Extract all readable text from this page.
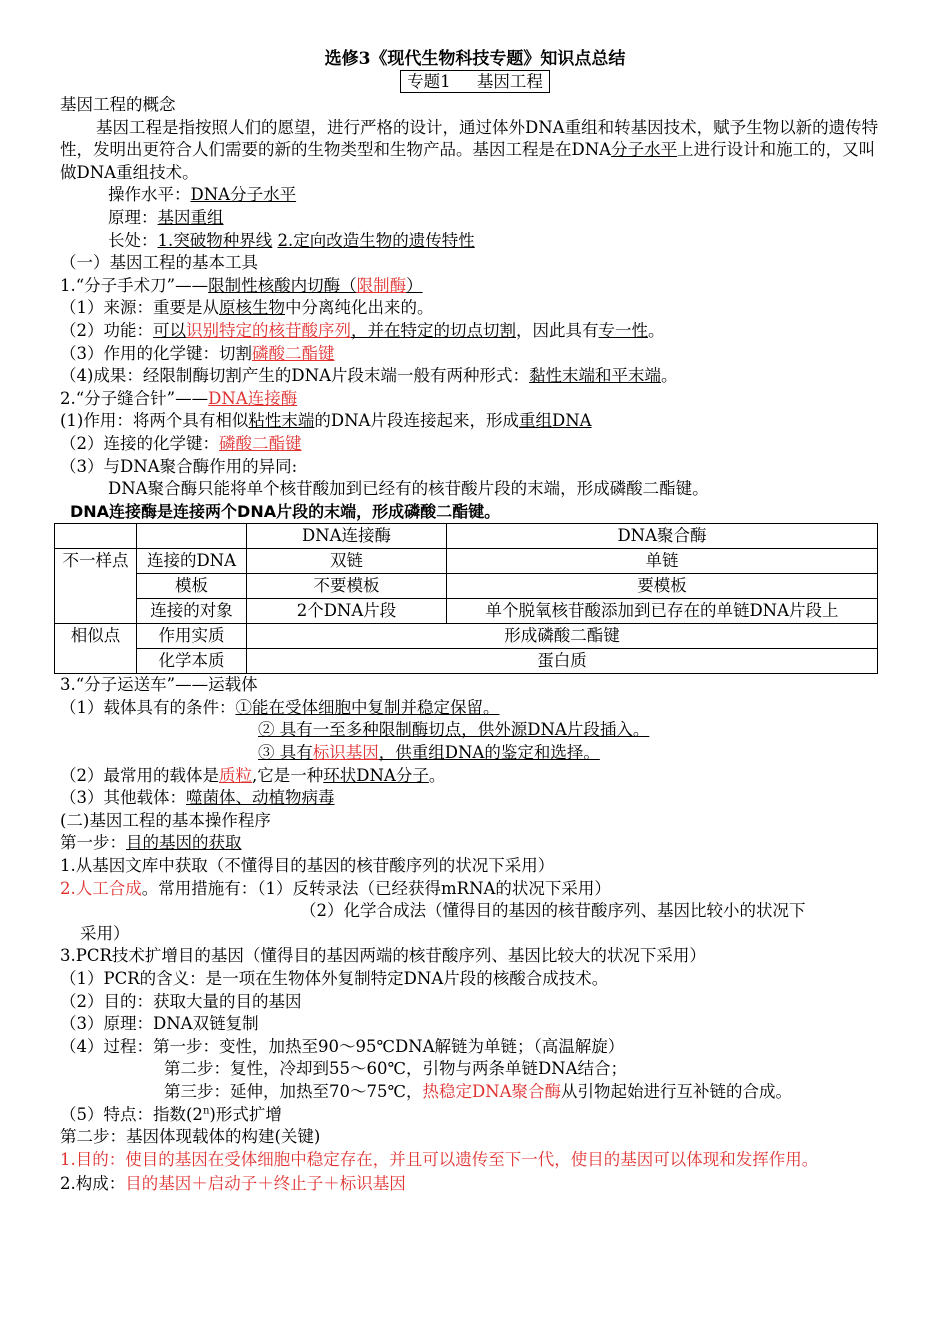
选修3《现代生物科技专题》知识点总结
专题1 基因工程
基因工程的概念
基因工程是指按照人们的愿望，进行严格的设计，通过体外DNA重组和转基因技术，赋予生物以新的遗传特性，发明出更符合人们需要的新的生物类型和生物产品。基因工程是在DNA分子水平上进行设计和施工的，又叫做DNA重组技术。
操作水平：DNA分子水平
原理：基因重组
长处：1.突破物种界线 2.定向改造生物的遗传特性
（一）基因工程的基本工具
1.“分子手术刀”——限制性核酸内切酶（限制酶）
（1）来源：重要是从原核生物中分离纯化出来的。
（2）功能：可以识别特定的核苷酸序列，并在特定的切点切割，因此具有专一性。
（3）作用的化学键：切割磷酸二酯键
（4)成果：经限制酶切割产生的DNA片段末端一般有两种形式：黏性末端和平末端。
2.“分子缝合针”——DNA连接酶
(1)作用：将两个具有相似粘性末端的DNA片段连接起来，形成重组DNA
（2）连接的化学键：磷酸二酯键
（3）与DNA聚合酶作用的异同:
DNA聚合酶只能将单个核苷酸加到已经有的核苷酸片段的末端，形成磷酸二酯键。
DNA连接酶是连接两个DNA片段的末端，形成磷酸二酯键。
		DNA连接酶	DNA聚合酶
不一样点	连接的DNA	双链	单链
	模板	不要模板	要模板
	连接的对象	2个DNA片段	单个脱氧核苷酸添加到已存在的单链DNA片段上
相似点	作用实质	形成磷酸二酯键	
	化学本质	蛋白质	
3.“分子运送车”——运载体
（1）载体具有的条件：①能在受体细胞中复制并稳定保留。
② 具有一至多种限制酶切点，供外源DNA片段插入。
③ 具有标识基因，供重组DNA的鉴定和选择。
（2）最常用的载体是质粒,它是一种环状DNA分子。
（3）其他载体：噬菌体、动植物病毒
(二)基因工程的基本操作程序
第一步：目的基因的获取
1.从基因文库中获取（不懂得目的基因的核苷酸序列的状况下采用）
2.人工合成。常用措施有：（1）反转录法（已经获得mRNA的状况下采用）
（2）化学合成法（懂得目的基因的核苷酸序列、基因比较小的状况下
采用）
3.PCR技术扩增目的基因（懂得目的基因两端的核苷酸序列、基因比较大的状况下采用）
（1）PCR的含义：是一项在生物体外复制特定DNA片段的核酸合成技术。
（2）目的：获取大量的目的基因
（3）原理：DNA双链复制
（4）过程：第一步：变性，加热至90～95℃DNA解链为单链；（高温解旋）
第二步：复性，冷却到55～60℃，引物与两条单链DNA结合；
第三步：延伸，加热至70～75℃，热稳定DNA聚合酶从引物起始进行互补链的合成。
（5）特点：指数(2$^n$)形式扩增
第二步：基因体现载体的构建(关键)
1.目的：使目的基因在受体细胞中稳定存在，并且可以遗传至下一代，使目的基因可以体现和发挥作用。
2.构成：目的基因＋启动子＋终止子＋标识基因
